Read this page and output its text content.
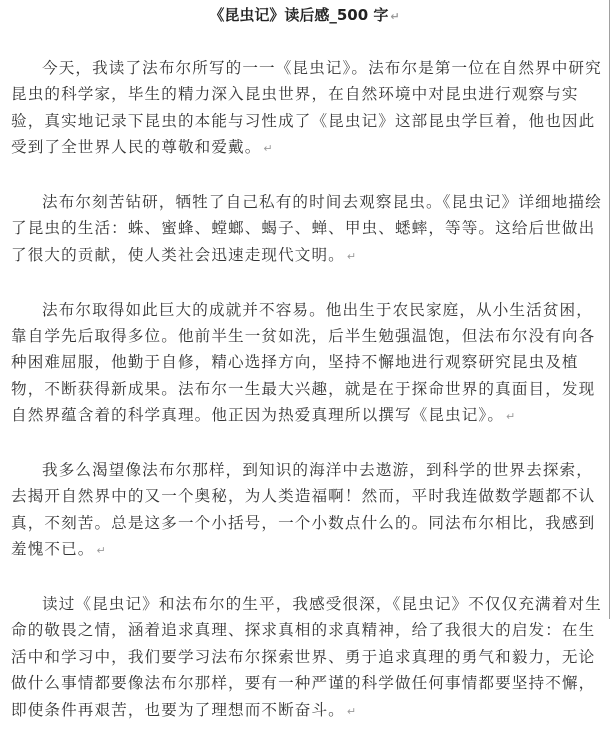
《昆虫记》读后感_500 字 ↵

今天，我读了法布尔所写的一一《昆虫记》。法布尔是第一位在自然界中研究昆虫的科学家，毕生的精力深入昆虫世界，在自然环境中对昆虫进行观察与实验，真实地记录下昆虫的本能与习性成了《昆虫记》这部昆虫学巨着，他也因此受到了全世界人民的尊敬和爱戴。 ↵

法布尔刻苦钻研，牺牲了自己私有的时间去观察昆虫。《昆虫记》详细地描绘了昆虫的生活：蛛、蜜蜂、螳螂、蝎子、蝉、甲虫、蟋蟀，等等。这给后世做出了很大的贡献，使人类社会迅速走现代文明。 ↵

法布尔取得如此巨大的成就并不容易。他出生于农民家庭，从小生活贫困，靠自学先后取得多位。他前半生一贫如洗，后半生勉强温饱，但法布尔没有向各种困难屈服，他勤于自修，精心选择方向，坚持不懈地进行观察研究昆虫及植物，不断获得新成果。法布尔一生最大兴趣，就是在于探命世界的真面目，发现自然界蕴含着的科学真理。他正因为热爱真理所以撰写《昆虫记》。 ↵

我多么渴望像法布尔那样，到知识的海洋中去遨游，到科学的世界去探索，去揭开自然界中的又一个奥秘，为人类造福啊！然而，平时我连做数学题都不认真，不刻苦。总是这多一个小括号，一个小数点什么的。同法布尔相比，我感到羞愧不已。 ↵

读过《昆虫记》和法布尔的生平，我感受很深，《昆虫记》不仅仅充满着对生命的敬畏之情，涵着追求真理、探求真相的求真精神，给了我很大的启发：在生活中和学习中，我们要学习法布尔探索世界、勇于追求真理的勇气和毅力，无论做什么事情都要像法布尔那样，要有一种严谨的科学做任何事情都要坚持不懈，即使条件再艰苦，也要为了理想而不断奋斗。 ↵
